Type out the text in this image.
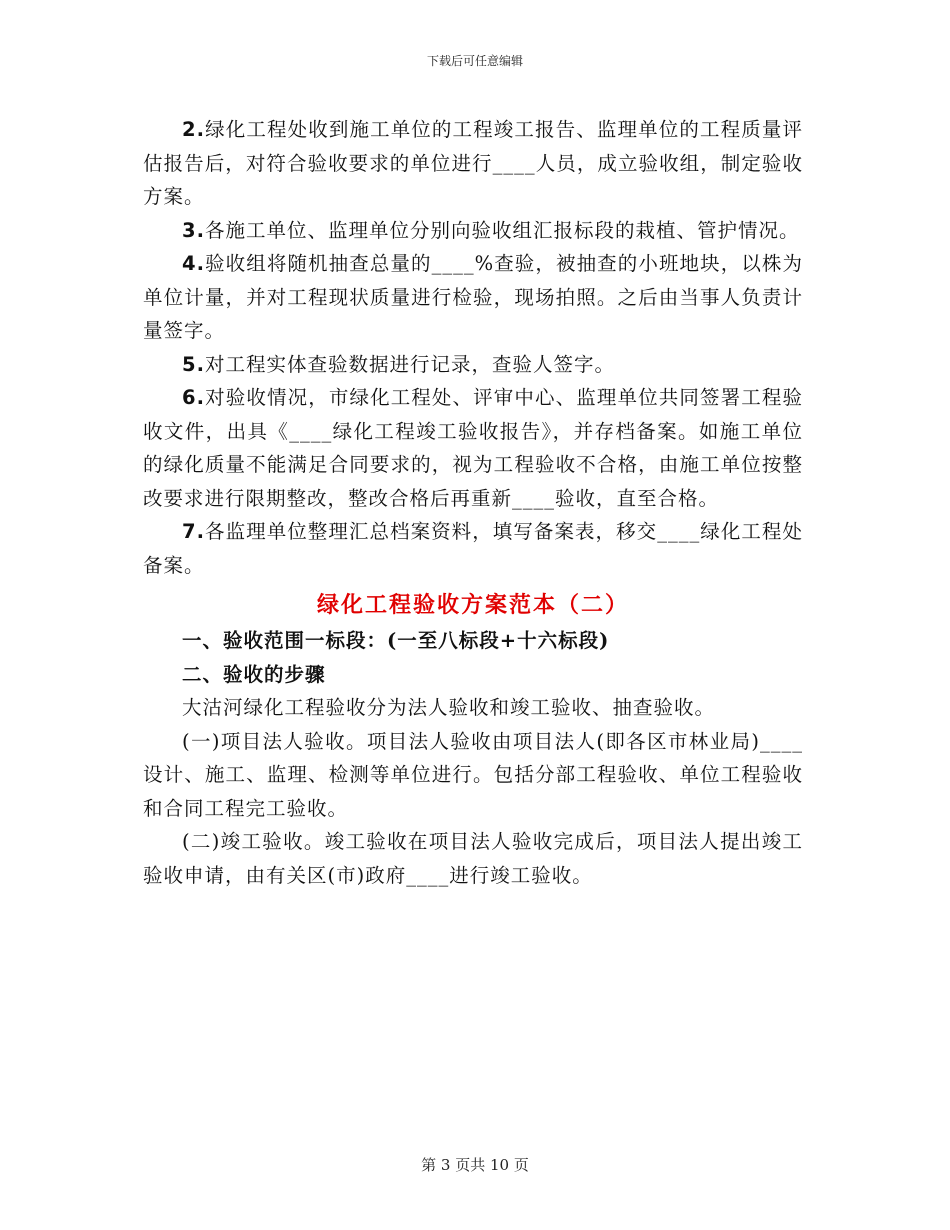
下载后可任意编辑

2.绿化工程处收到施工单位的工程竣工报告、监理单位的工程质量评估报告后，对符合验收要求的单位进行____人员，成立验收组，制定验收方案。

3.各施工单位、监理单位分别向验收组汇报标段的栽植、管护情况。

4.验收组将随机抽查总量的____%查验，被抽查的小班地块，以株为单位计量，并对工程现状质量进行检验，现场拍照。之后由当事人负责计量签字。

5.对工程实体查验数据进行记录，查验人签字。

6.对验收情况，市绿化工程处、评审中心、监理单位共同签署工程验收文件，出具《____绿化工程竣工验收报告》，并存档备案。如施工单位的绿化质量不能满足合同要求的，视为工程验收不合格，由施工单位按整改要求进行限期整改，整改合格后再重新____验收，直至合格。

7.各监理单位整理汇总档案资料，填写备案表，移交____绿化工程处备案。

绿化工程验收方案范本（二）

一、验收范围一标段：(一至八标段+十六标段)

二、验收的步骤

大沽河绿化工程验收分为法人验收和竣工验收、抽查验收。

(一)项目法人验收。项目法人验收由项目法人(即各区市林业局)____设计、施工、监理、检测等单位进行。包括分部工程验收、单位工程验收和合同工程完工验收。

(二)竣工验收。竣工验收在项目法人验收完成后，项目法人提出竣工验收申请，由有关区(市)政府____进行竣工验收。

第 3 页共 10 页
